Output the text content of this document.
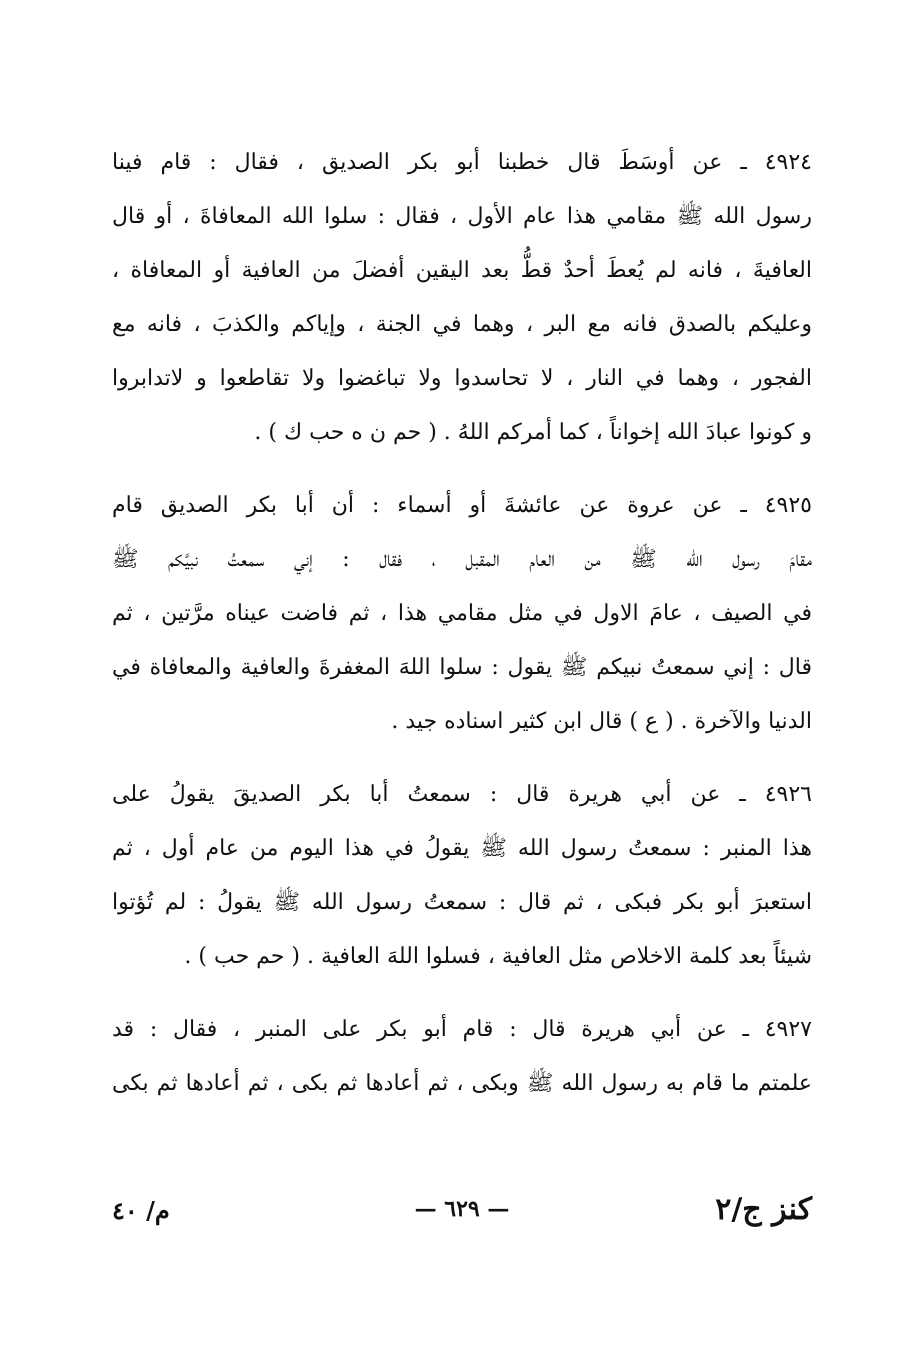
٤٩٢٤ ـ عن أوسَطَ قال خطبنا أبو بكر الصديق ، فقال : قام فينا
رسول الله ﷺ مقامي هذا عام الأول ، فقال : سلوا الله المعافاةَ ، أو قال
العافيةَ ، فانه لم يُعطَ أحدٌ قطُّ بعد اليقين أفضلَ من العافية أو المعافاة ،
وعليكم بالصدق فانه مع البر ، وهما في الجنة ، وإياكم والكذبَ ، فانه مع
الفجور ، وهما في النار ، لا تحاسدوا ولا تباغضوا ولا تقاطعوا و لاتدابروا
و كونوا عبادَ الله إخواناً ، كما أمركم اللهُ . ( حم ن ه حب ك ) .
٤٩٢٥ ـ عن عروة عن عائشةَ أو أسماء : أن أبا بكر الصديق قام
مقامَ رسول الله ﷺ من العام المقبل ، فقال : إني سمعتُ نبيَّكم ﷺ
في الصيف ، عامَ الاول في مثل مقامي هذا ، ثم فاضت عيناه مرَّتين ، ثم
قال : إني سمعتُ نبيكم ﷺ يقول : سلوا اللهَ المغفرةَ والعافية والمعافاة في
الدنيا والآخرة . ( ع ) قال ابن كثير اسناده جيد .
٤٩٢٦ ـ عن أبي هريرة قال : سمعتُ أبا بكر الصديقَ يقولُ على
هذا المنبر : سمعتُ رسول الله ﷺ يقولُ في هذا اليوم من عام أول ، ثم
استعبرَ أبو بكر فبكى ، ثم قال : سمعتُ رسول الله ﷺ يقولُ : لم تُؤتوا
شيئاً بعد كلمة الاخلاص مثل العافية ، فسلوا اللهَ العافية . ( حم حب ) .
٤٩٢٧ ـ عن أبي هريرة قال : قام أبو بكر على المنبر ، فقال : قد
علمتم ما قام به رسول الله ﷺ وبكى ، ثم أعادها ثم بكى ، ثم أعادها ثم بكى
كنز ج/٢
— ٦٢٩ —
م/ ٤٠
